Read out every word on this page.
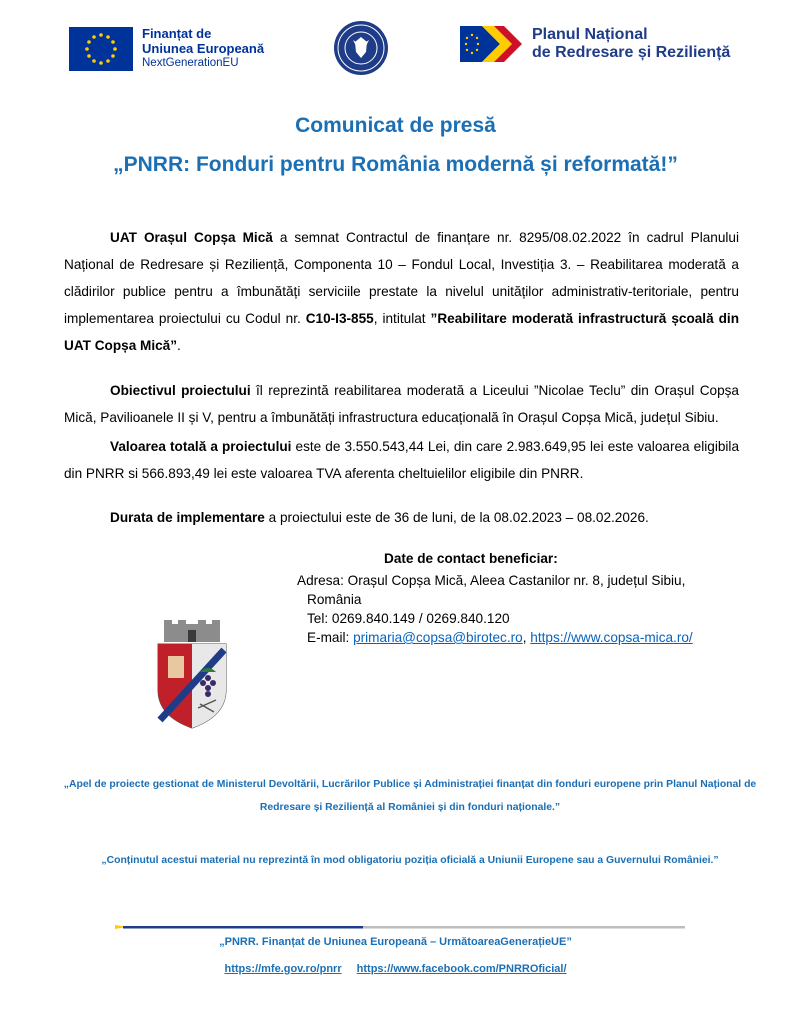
Finanțat de
Uniunea Europeană
NextGenerationEU
Planul Național
de Redresare și Reziliență
Comunicat de presă
„PNRR: Fonduri pentru România modernă și reformată!”
UAT Orașul Copșa Mică a semnat Contractul de finanțare nr. 8295/08.02.2022 în cadrul Planului Național de Redresare și Reziliență, Componenta 10 – Fondul Local, Investiția 3. – Reabilitarea moderată a clădirilor publice pentru a îmbunătăți serviciile prestate la nivelul unităților administrativ-teritoriale, pentru implementarea proiectului cu Codul nr. C10-I3-855, intitulat ”Reabilitare moderată infrastructură școală din UAT Copșa Mică”.
Obiectivul proiectului îl reprezintă reabilitarea moderată a Liceului ”Nicolae Teclu” din Orașul Copșa Mică, Pavilioanele II și V, pentru a îmbunătăți infrastructura educațională în Orașul Copșa Mică, județul Sibiu.
Valoarea totală a proiectului este de 3.550.543,44 Lei, din care 2.983.649,95 lei este valoarea eligibila din PNRR si 566.893,49 lei este valoarea TVA aferenta cheltuielilor eligibile din PNRR.
Durata de implementare a proiectului este de 36 de luni, de la 08.02.2023 – 08.02.2026.
Date de contact beneficiar:
Adresa: Orașul Copșa Mică, Aleea Castanilor nr. 8, județul Sibiu,
România
Tel: 0269.840.149 / 0269.840.120
E-mail: primaria@copsa@birotec.ro, https://www.copsa-mica.ro/
„Apel de proiecte gestionat de Ministerul Devoltării, Lucrărilor Publice și Administrației finanțat din fonduri europene prin Planul Național de Redresare și Reziliență al României și din fonduri naționale.”
„Conținutul acestui material nu reprezintă în mod obligatoriu poziția oficială a Uniunii Europene sau a Guvernului României.”
„PNRR. Finanțat de Uniunea Europeană – UrmătoareaGenerațieUE”
https://mfe.gov.ro/pnrr https://www.facebook.com/PNRROficial/
